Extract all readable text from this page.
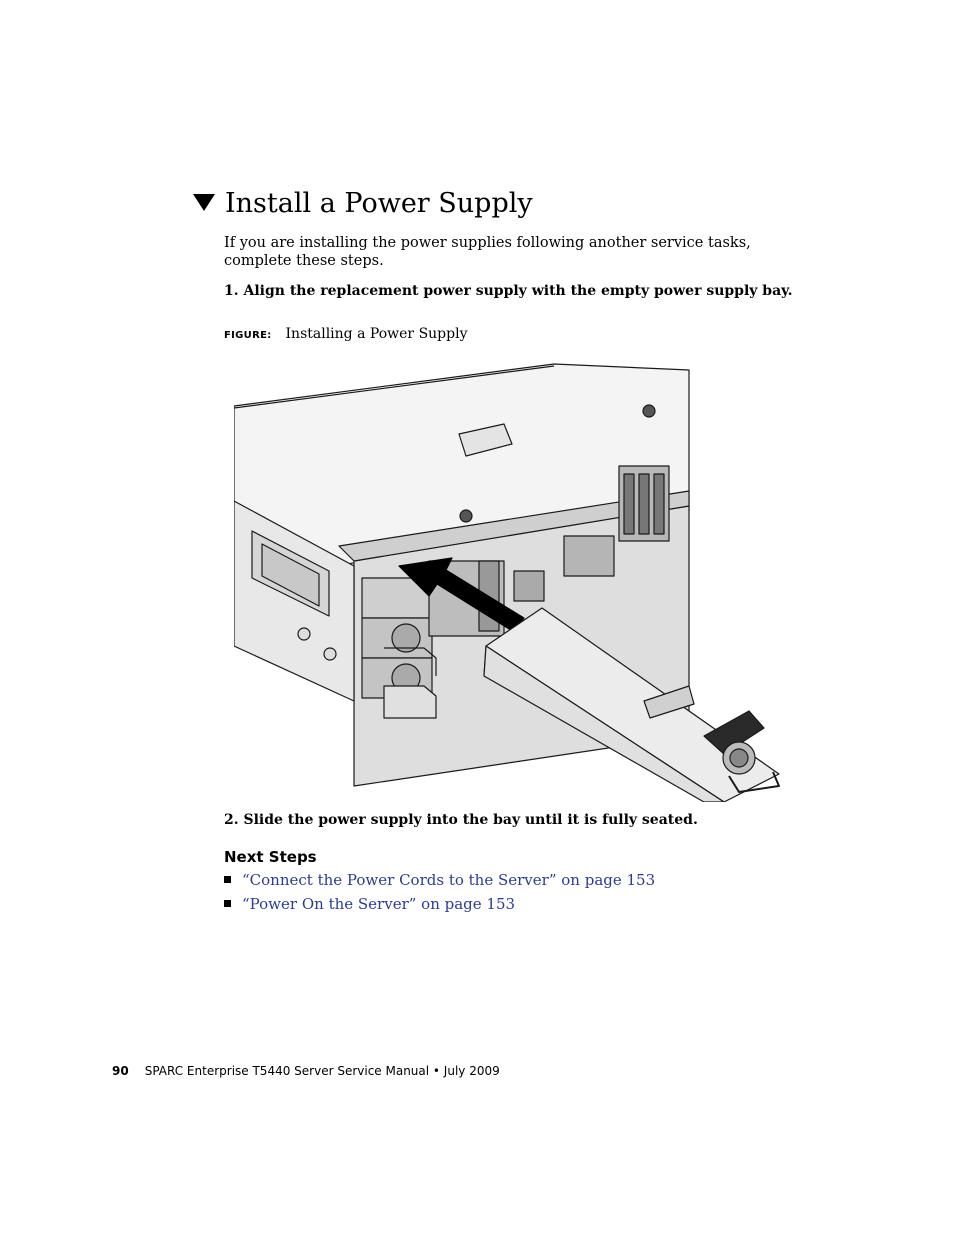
Install a Power Supply
If you are installing the power supplies following another service tasks, complete these steps.
1. Align the replacement power supply with the empty power supply bay.
FIGURE: Installing a Power Supply
2. Slide the power supply into the bay until it is fully seated.
Next Steps
“Connect the Power Cords to the Server” on page 153
“Power On the Server” on page 153
90 SPARC Enterprise T5440 Server Service Manual • July 2009
